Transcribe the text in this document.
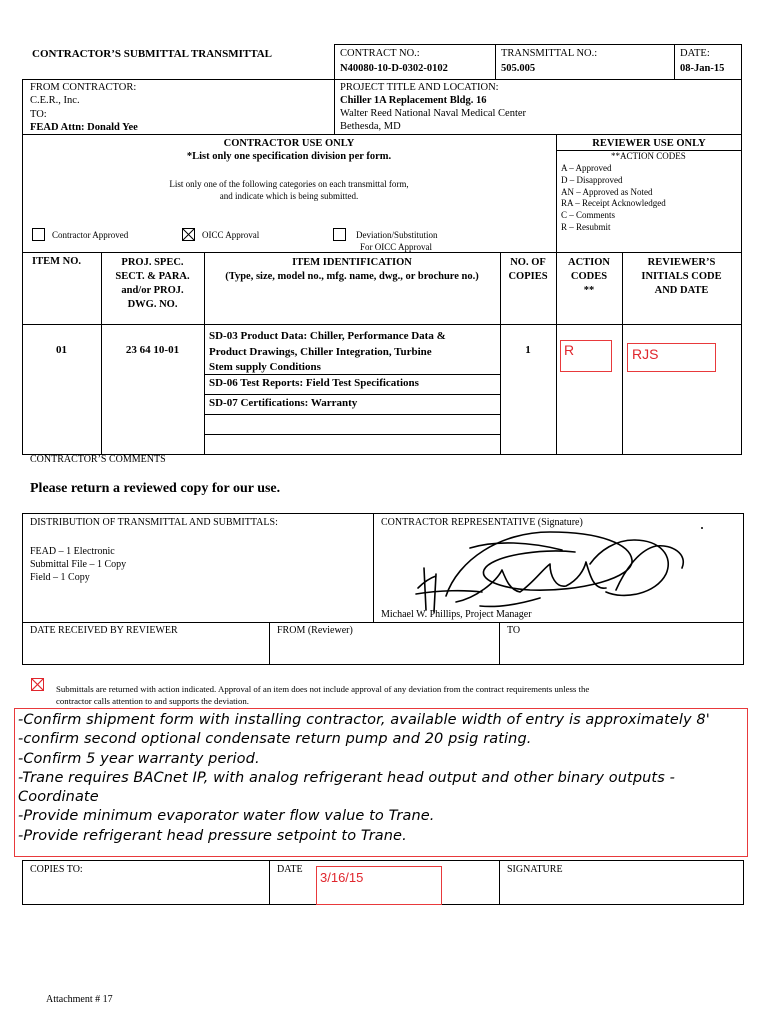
CONTRACTOR’S SUBMITTAL TRANSMITTAL	CONTRACT NO.:
N40080-10-D-0302-0102
TRANSMITTAL NO.:
505.005
DATE:
08-Jan-15
FROM CONTRACTOR:
C.E.R., Inc.
TO:
FEAD Attn: Donald Yee
PROJECT TITLE AND LOCATION:
Chiller 1A Replacement Bldg. 16
Walter Reed National Naval Medical Center
Bethesda, MD
CONTRACTOR USE ONLY
*List only one specification division per form.
List only one of the following categories on each transmittal form,
and indicate which is being submitted.
REVIEWER USE ONLY
**ACTION CODES
A – Approved
D – Disapproved
AN – Approved as Noted
RA – Receipt Acknowledged
C – Comments
R – Resubmit
Contractor Approved	OICC Approval	Deviation/Substitution
For OICC Approval
ITEM NO.	PROJ. SPEC.
SECT. & PARA.
and/or PROJ.
DWG. NO.
ITEM IDENTIFICATION
(Type, size, model no., mfg. name, dwg., or brochure no.)
NO. OF
COPIES
ACTION
CODES
**
REVIEWER’S
INITIALS CODE
AND DATE
01	23 64 10-01
SD-03 Product Data: Chiller, Performance Data &
Product Drawings, Chiller Integration, Turbine
Stem supply Conditions
SD-06 Test Reports: Field Test Specifications
SD-07 Certifications: Warranty
1	R	RJS
CONTRACTOR’S COMMENTS
Please return a reviewed copy for our use.
DISTRIBUTION OF TRANSMITTAL AND SUBMITTALS:
FEAD – 1 Electronic
Submittal File – 1 Copy
Field – 1 Copy
CONTRACTOR REPRESENTATIVE (Signature)
Michael W. Phillips, Project Manager
DATE RECEIVED BY REVIEWER	FROM (Reviewer)	TO
Submittals are returned with action indicated. Approval of an item does not include approval of any deviation from the contract requirements unless the
contractor calls attention to and supports the deviation.
-Confirm shipment form with installing contractor, available width of entry is approximately 8'
-confirm second optional condensate return pump and 20 psig rating.
-Confirm 5 year warranty period.
-Trane requires BACnet IP, with analog refrigerant head output and other binary outputs -
Coordinate
-Provide minimum evaporator water flow value to Trane.
-Provide refrigerant head pressure setpoint to Trane.
COPIES TO:	DATE	SIGNATURE
3/16/15
Attachment # 17
